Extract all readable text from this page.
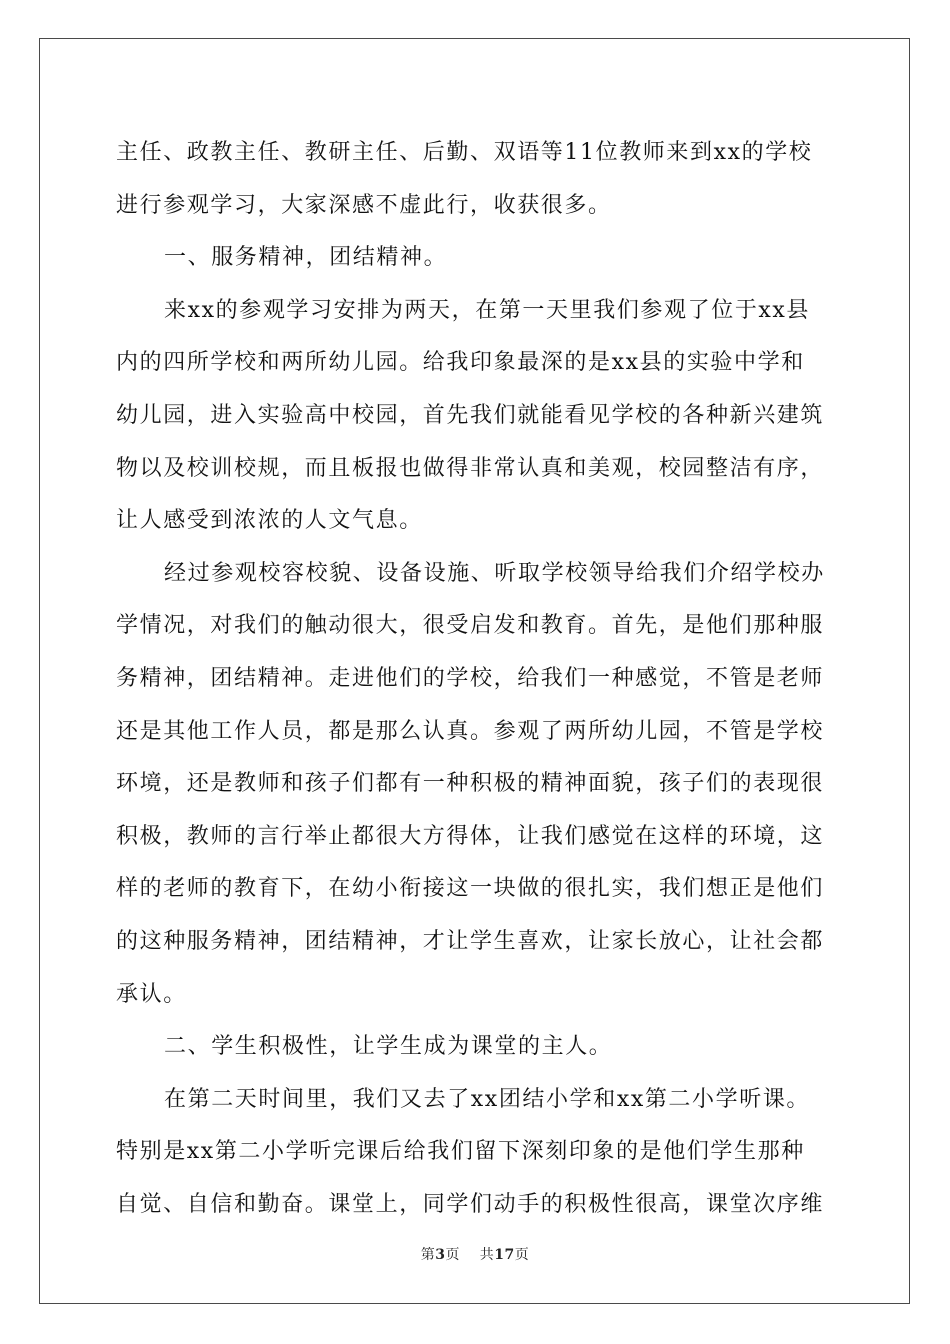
主任、政教主任、教研主任、后勤、双语等11位教师来到xx的学校
进行参观学习，大家深感不虚此行，收获很多。
一、服务精神，团结精神。
来xx的参观学习安排为两天，在第一天里我们参观了位于xx县
内的四所学校和两所幼儿园。给我印象最深的是xx县的实验中学和
幼儿园，进入实验高中校园，首先我们就能看见学校的各种新兴建筑
物以及校训校规，而且板报也做得非常认真和美观，校园整洁有序，
让人感受到浓浓的人文气息。
经过参观校容校貌、设备设施、听取学校领导给我们介绍学校办
学情况，对我们的触动很大，很受启发和教育。首先，是他们那种服
务精神，团结精神。走进他们的学校，给我们一种感觉，不管是老师
还是其他工作人员，都是那么认真。参观了两所幼儿园，不管是学校
环境，还是教师和孩子们都有一种积极的精神面貌，孩子们的表现很
积极，教师的言行举止都很大方得体，让我们感觉在这样的环境，这
样的老师的教育下，在幼小衔接这一块做的很扎实，我们想正是他们
的这种服务精神，团结精神，才让学生喜欢，让家长放心，让社会都
承认。
二、学生积极性，让学生成为课堂的主人。
在第二天时间里，我们又去了xx团结小学和xx第二小学听课。
特别是xx第二小学听完课后给我们留下深刻印象的是他们学生那种
自觉、自信和勤奋。课堂上，同学们动手的积极性很高，课堂次序维
第3页 共17页
